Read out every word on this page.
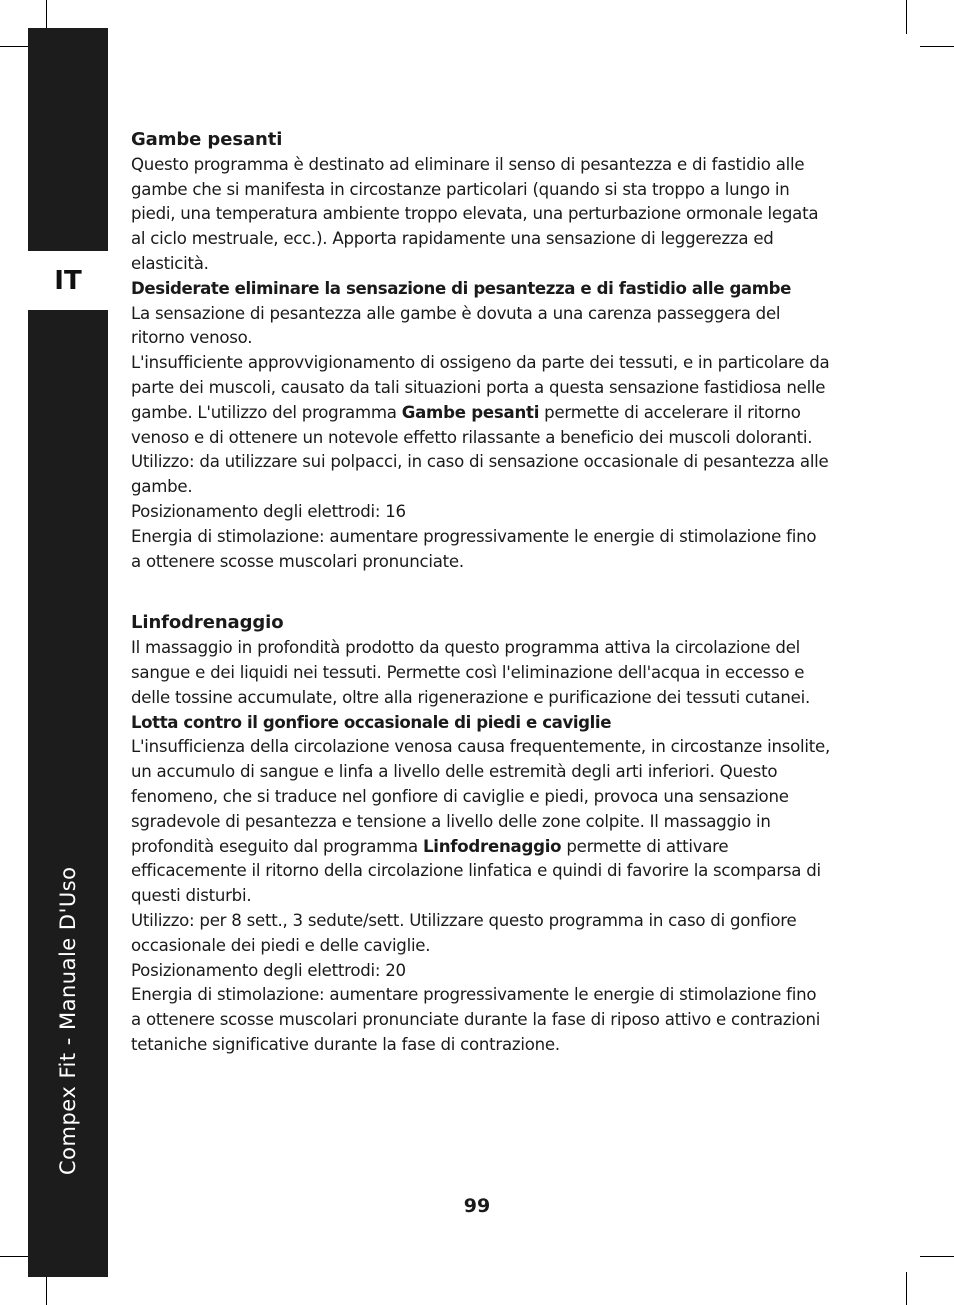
IT
Compex Fit - Manuale D'Uso
Gambe pesanti

Questo programma è destinato ad eliminare il senso di pesantezza e di fastidio alle gambe che si manifesta in circostanze particolari (quando si sta troppo a lungo in piedi, una temperatura ambiente troppo elevata, una perturbazione ormonale legata al ciclo mestruale, ecc.). Apporta rapidamente una sensazione di leggerezza ed elasticità.

Desiderate eliminare la sensazione di pesantezza e di fastidio alle gambe

La sensazione di pesantezza alle gambe è dovuta a una carenza passeggera del ritorno venoso.

L'insufficiente approvvigionamento di ossigeno da parte dei tessuti, e in particolare da parte dei muscoli, causato da tali situazioni porta a questa sensazione fastidiosa nelle gambe. L'utilizzo del programma Gambe pesanti permette di accelerare il ritorno venoso e di ottenere un notevole effetto rilassante a beneficio dei muscoli doloranti.

Utilizzo: da utilizzare sui polpacci, in caso di sensazione occasionale di pesantezza alle gambe.

Posizionamento degli elettrodi: 16

Energia di stimolazione: aumentare progressivamente le energie di stimolazione fino a ottenere scosse muscolari pronunciate.

Linfodrenaggio

Il massaggio in profondità prodotto da questo programma attiva la circolazione del sangue e dei liquidi nei tessuti. Permette così l'eliminazione dell'acqua in eccesso e delle tossine accumulate, oltre alla rigenerazione e purificazione dei tessuti cutanei.

Lotta contro il gonfiore occasionale di piedi e caviglie

L'insufficienza della circolazione venosa causa frequentemente, in circostanze insolite, un accumulo di sangue e linfa a livello delle estremità degli arti inferiori. Questo fenomeno, che si traduce nel gonfiore di caviglie e piedi, provoca una sensazione sgradevole di pesantezza e tensione a livello delle zone colpite. Il massaggio in profondità eseguito dal programma Linfodrenaggio permette di attivare efficacemente il ritorno della circolazione linfatica e quindi di favorire la scomparsa di questi disturbi.

Utilizzo: per 8 sett., 3 sedute/sett. Utilizzare questo programma in caso di gonfiore occasionale dei piedi e delle caviglie.

Posizionamento degli elettrodi: 20

Energia di stimolazione: aumentare progressivamente le energie di stimolazione fino a ottenere scosse muscolari pronunciate durante la fase di riposo attivo e contrazioni tetaniche significative durante la fase di contrazione.

99
